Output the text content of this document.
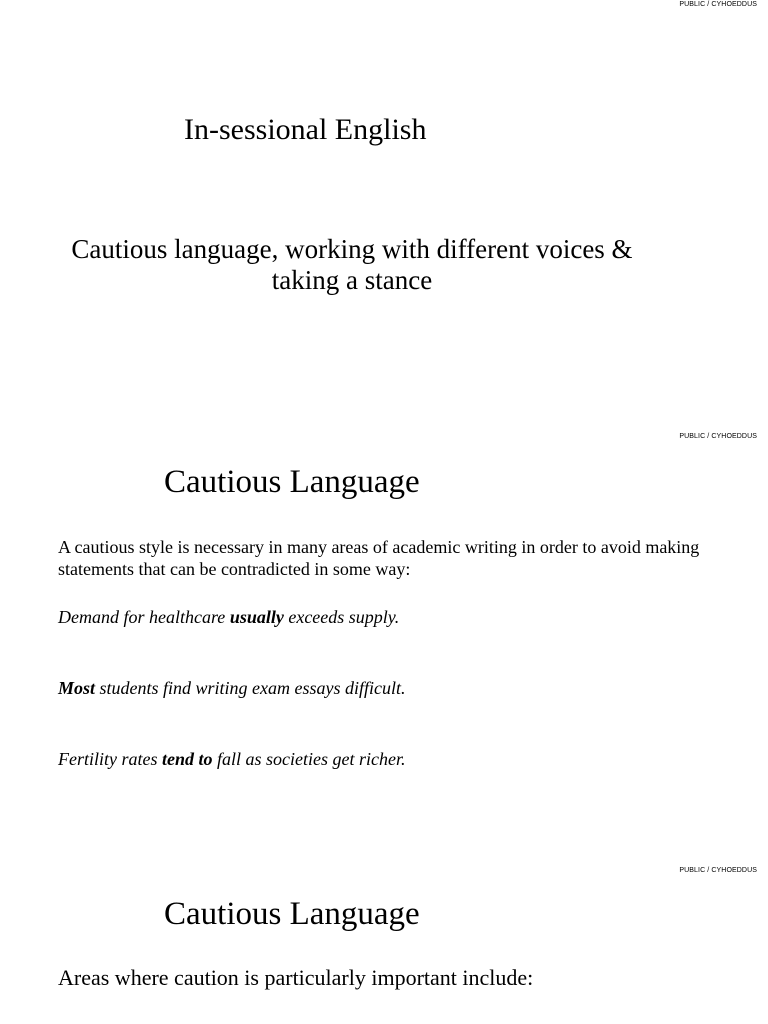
PUBLIC / CYHOEDDUS
In-sessional English
Cautious language, working with different voices & taking a stance
PUBLIC / CYHOEDDUS
Cautious Language
A cautious style is necessary in many areas of academic writing in order to avoid making statements that can be contradicted in some way:
Demand for healthcare usually exceeds supply.
Most students find writing exam essays difficult.
Fertility rates tend to fall as societies get richer.
PUBLIC / CYHOEDDUS
Cautious Language
Areas where caution is particularly important include:
